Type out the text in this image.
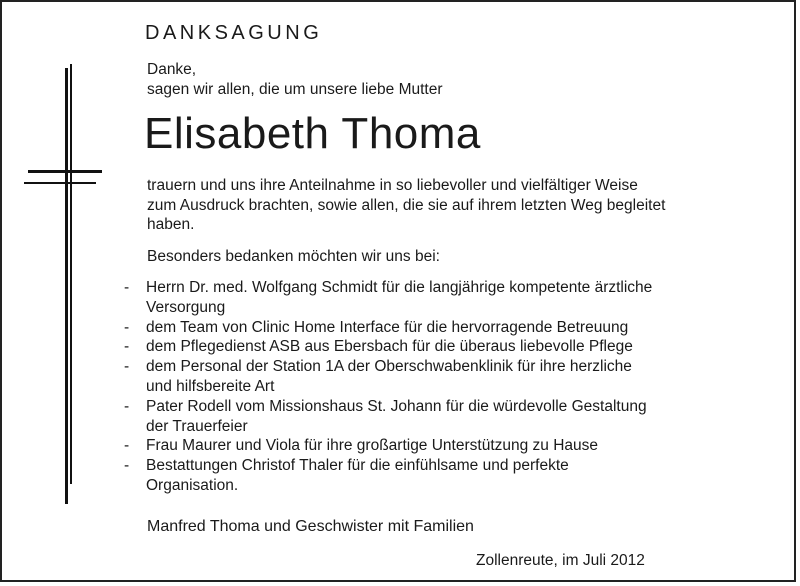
DANKSAGUNG
Danke,
sagen wir allen, die um unsere liebe Mutter
Elisabeth Thoma
trauern und uns ihre Anteilnahme in so liebevoller und vielfältiger Weise
zum Ausdruck brachten, sowie allen, die sie auf ihrem letzten Weg begleitet
haben.
Besonders bedanken möchten wir uns bei:
- Herrn Dr. med. Wolfgang Schmidt für die langjährige kompetente ärztliche
Versorgung
- dem Team von Clinic Home Interface für die hervorragende Betreuung
- dem Pflegedienst ASB aus Ebersbach für die überaus liebevolle Pflege
- dem Personal der Station 1A der Oberschwabenklinik für ihre herzliche
und hilfsbereite Art
- Pater Rodell vom Missionshaus St. Johann für die würdevolle Gestaltung
der Trauerfeier
- Frau Maurer und Viola für ihre großartige Unterstützung zu Hause
- Bestattungen Christof Thaler für die einfühlsame und perfekte
Organisation.
Manfred Thoma und Geschwister mit Familien
Zollenreute, im Juli 2012
